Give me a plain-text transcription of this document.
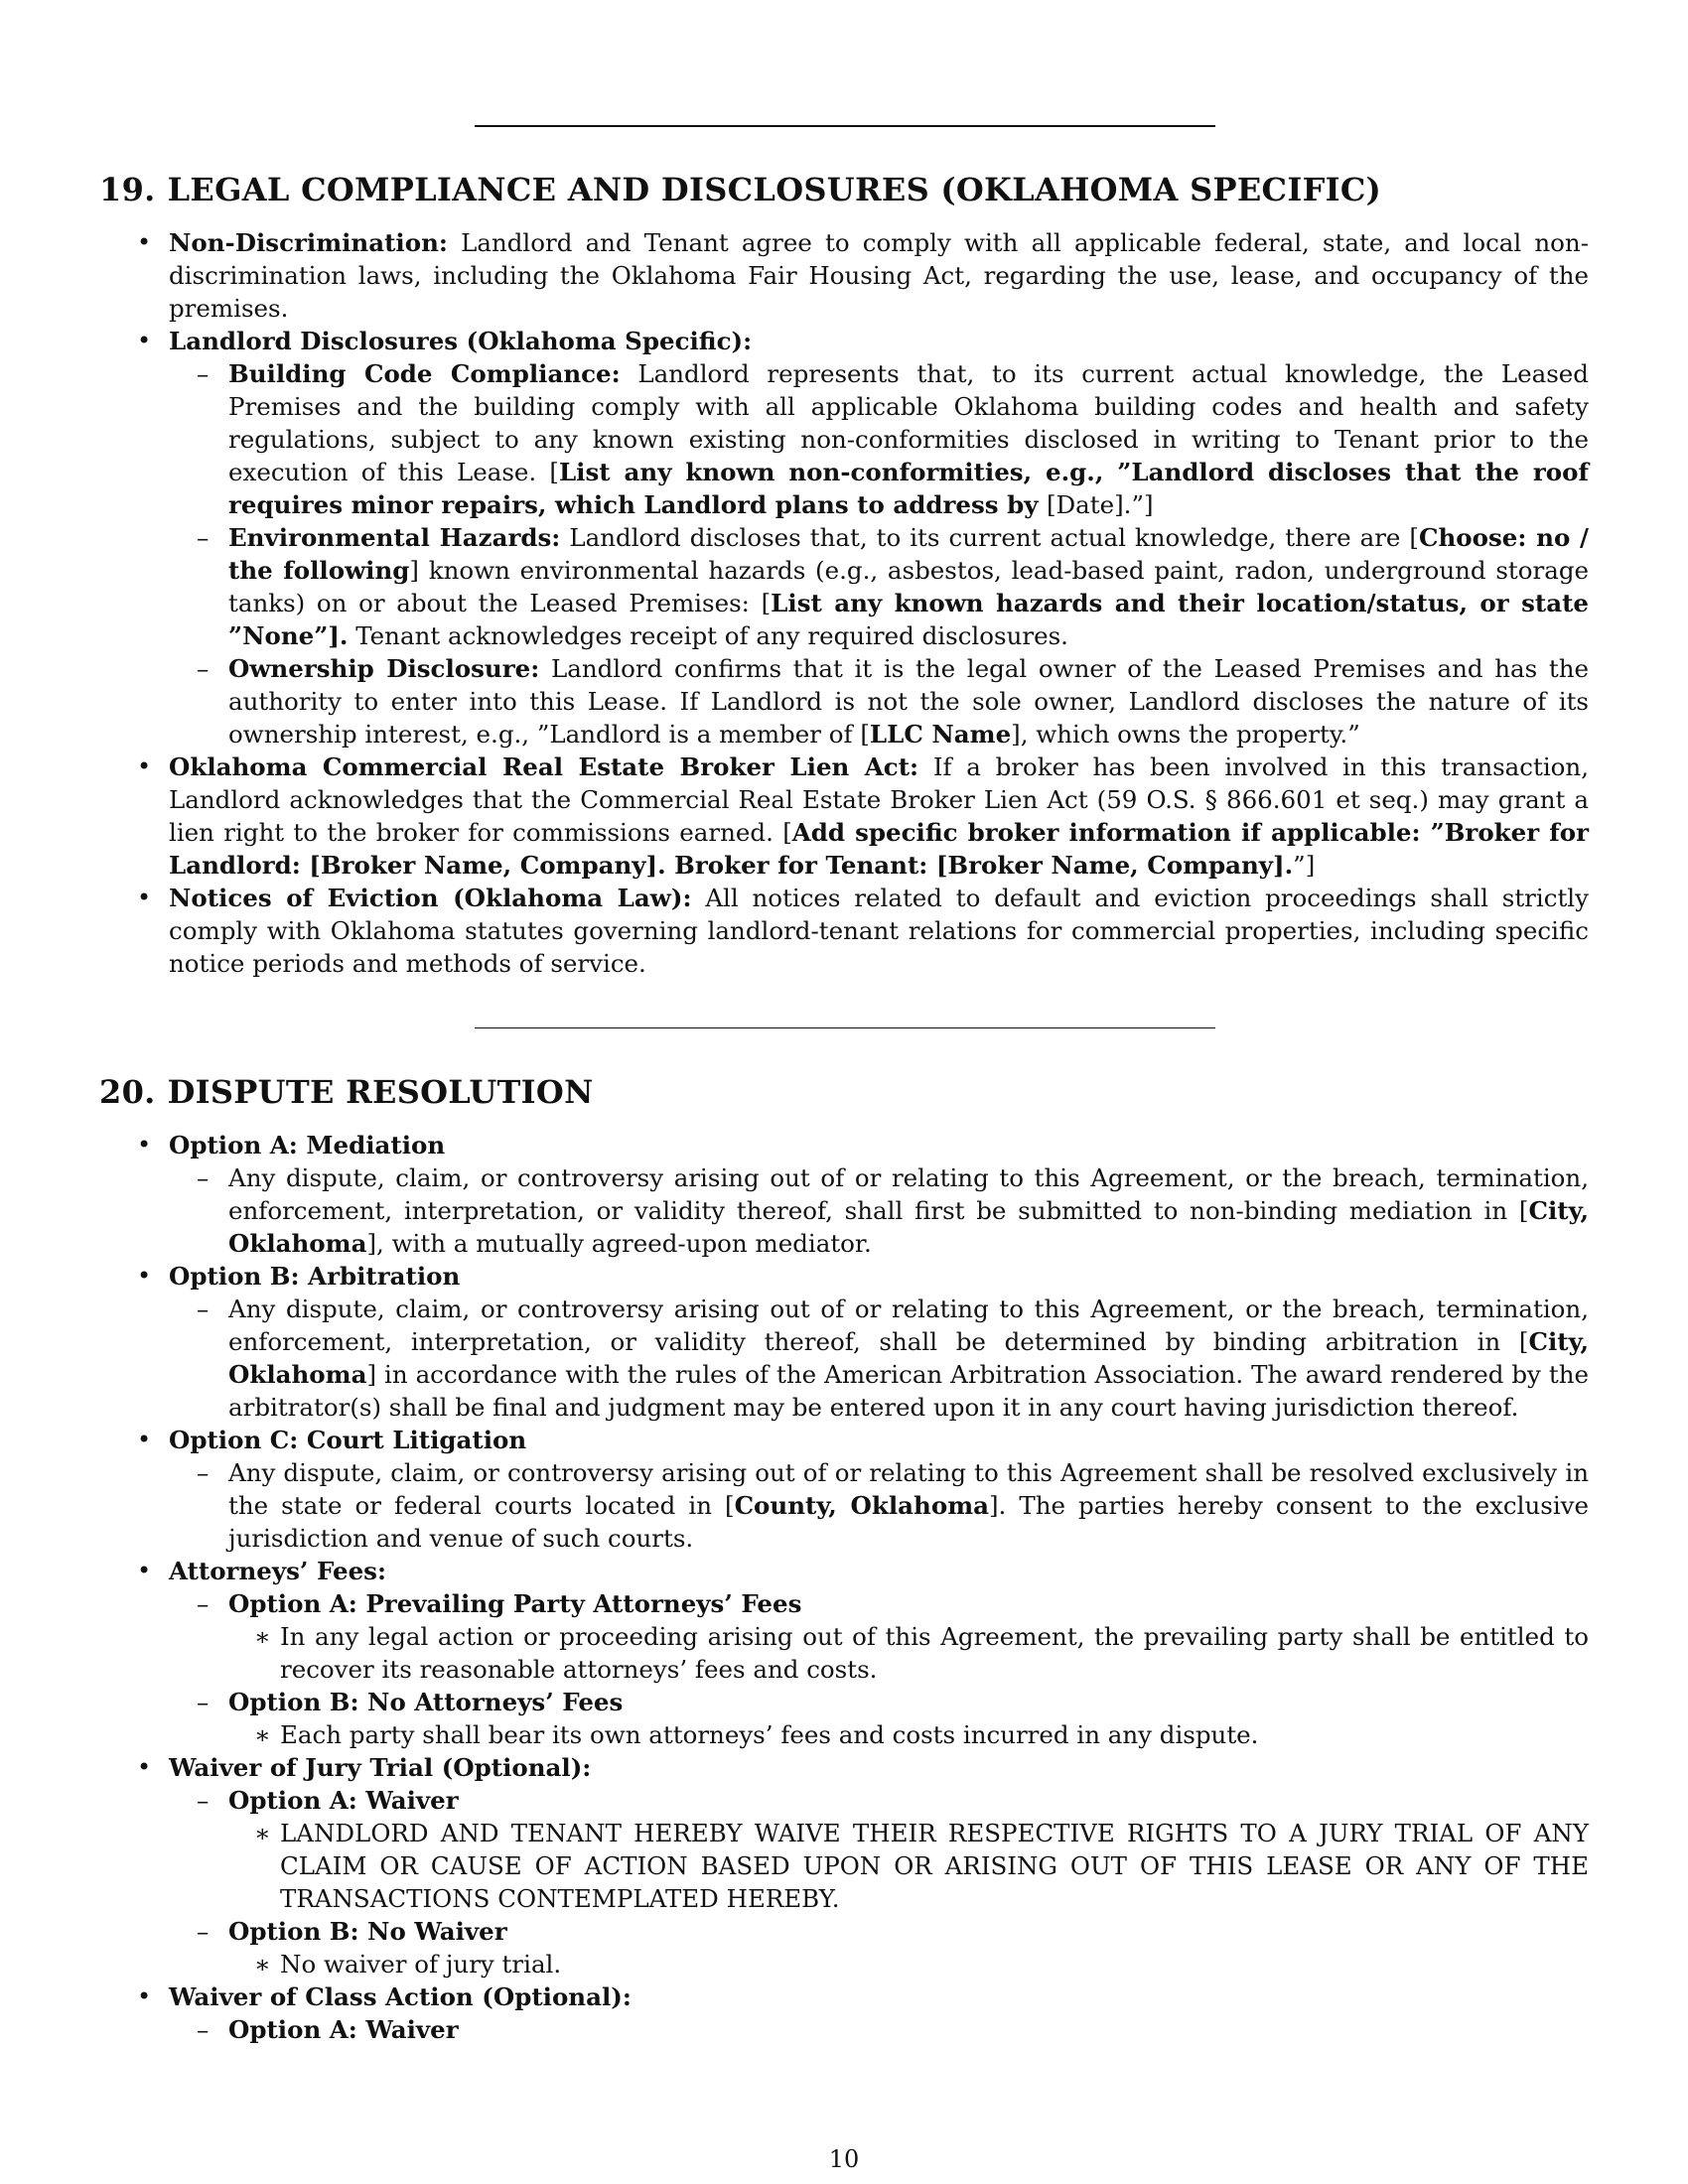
19. LEGAL COMPLIANCE AND DISCLOSURES (OKLAHOMA SPECIFIC)
• Non-Discrimination: Landlord and Tenant agree to comply with all applicable federal, state, and local non-discrimination laws, including the Oklahoma Fair Housing Act, regarding the use, lease, and occupancy of the premises.
• Landlord Disclosures (Oklahoma Specific):
– Building Code Compliance: Landlord represents that, to its current actual knowledge, the Leased Premises and the building comply with all applicable Oklahoma building codes and health and safety regulations, subject to any known existing non-conformities disclosed in writing to Tenant prior to the execution of this Lease. [List any known non-conformities, e.g., ”Landlord discloses that the roof requires minor repairs, which Landlord plans to address by [Date].”]
– Environmental Hazards: Landlord discloses that, to its current actual knowledge, there are [Choose: no / the following] known environmental hazards (e.g., asbestos, lead-based paint, radon, underground storage tanks) on or about the Leased Premises: [List any known hazards and their location/status, or state ”None”]. Tenant acknowledges receipt of any required disclosures.
– Ownership Disclosure: Landlord confirms that it is the legal owner of the Leased Premises and has the authority to enter into this Lease. If Landlord is not the sole owner, Landlord discloses the nature of its ownership interest, e.g., ”Landlord is a member of [LLC Name], which owns the property.”
• Oklahoma Commercial Real Estate Broker Lien Act: If a broker has been involved in this transaction, Landlord acknowledges that the Commercial Real Estate Broker Lien Act (59 O.S. § 866.601 et seq.) may grant a lien right to the broker for commissions earned. [Add specific broker information if applicable: ”Broker for Landlord: [Broker Name, Company]. Broker for Tenant: [Broker Name, Company].”]
• Notices of Eviction (Oklahoma Law): All notices related to default and eviction proceedings shall strictly comply with Oklahoma statutes governing landlord-tenant relations for commercial properties, including specific notice periods and methods of service.
20. DISPUTE RESOLUTION
• Option A: Mediation
– Any dispute, claim, or controversy arising out of or relating to this Agreement, or the breach, termination, enforcement, interpretation, or validity thereof, shall first be submitted to non-binding mediation in [City, Oklahoma], with a mutually agreed-upon mediator.
• Option B: Arbitration
– Any dispute, claim, or controversy arising out of or relating to this Agreement, or the breach, termination, enforcement, interpretation, or validity thereof, shall be determined by binding arbitration in [City, Oklahoma] in accordance with the rules of the American Arbitration Association. The award rendered by the arbitrator(s) shall be final and judgment may be entered upon it in any court having jurisdiction thereof.
• Option C: Court Litigation
– Any dispute, claim, or controversy arising out of or relating to this Agreement shall be resolved exclusively in the state or federal courts located in [County, Oklahoma]. The parties hereby consent to the exclusive jurisdiction and venue of such courts.
• Attorneys’ Fees:
– Option A: Prevailing Party Attorneys’ Fees
∗ In any legal action or proceeding arising out of this Agreement, the prevailing party shall be entitled to recover its reasonable attorneys’ fees and costs.
– Option B: No Attorneys’ Fees
∗ Each party shall bear its own attorneys’ fees and costs incurred in any dispute.
• Waiver of Jury Trial (Optional):
– Option A: Waiver
∗ LANDLORD AND TENANT HEREBY WAIVE THEIR RESPECTIVE RIGHTS TO A JURY TRIAL OF ANY CLAIM OR CAUSE OF ACTION BASED UPON OR ARISING OUT OF THIS LEASE OR ANY OF THE TRANSACTIONS CONTEMPLATED HEREBY.
– Option B: No Waiver
∗ No waiver of jury trial.
• Waiver of Class Action (Optional):
– Option A: Waiver
10
